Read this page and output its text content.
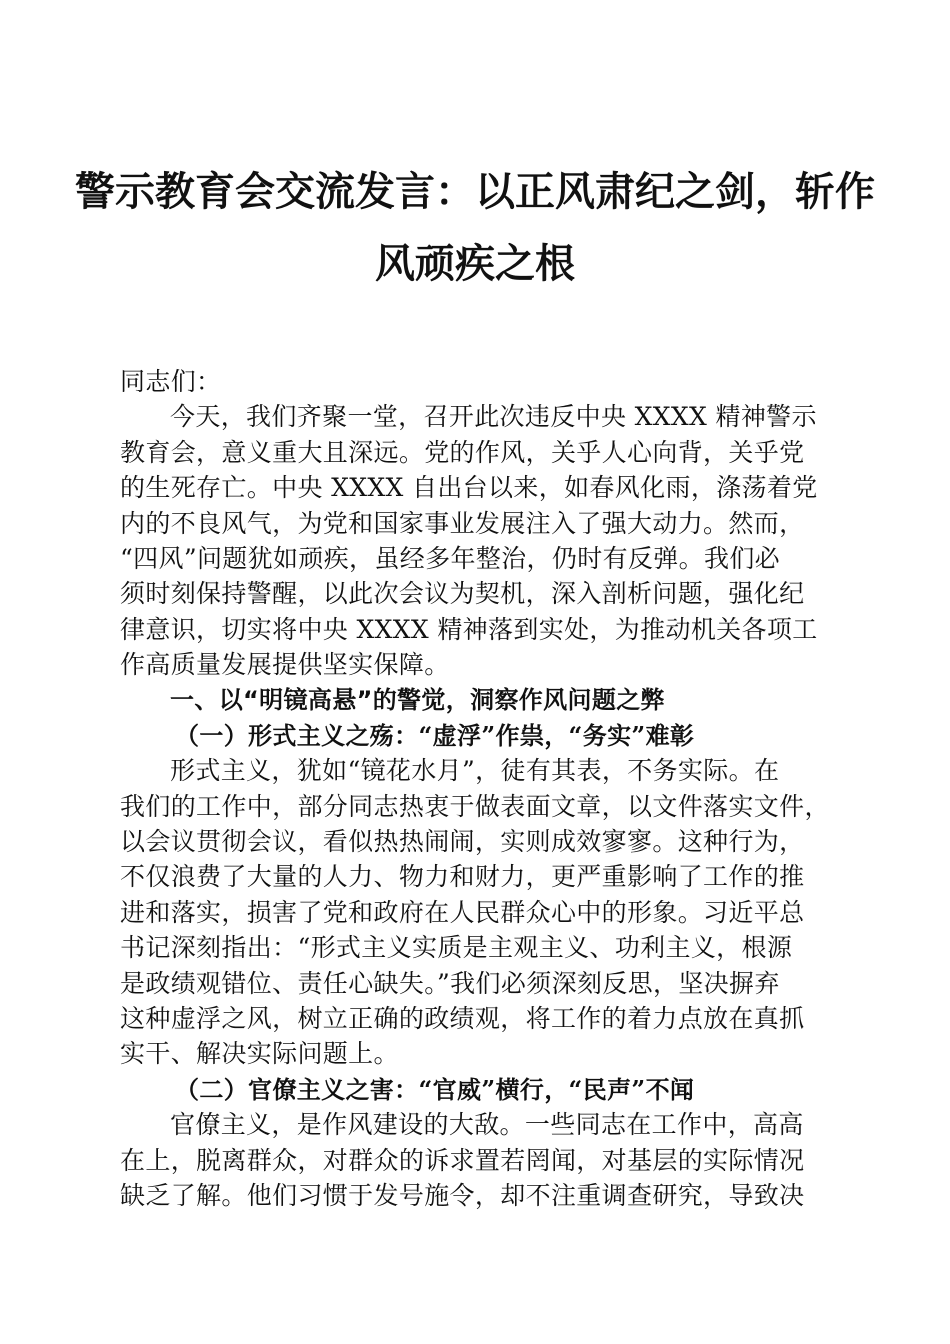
警示教育会交流发言：以正风肃纪之剑，斩作
风顽疾之根
同志们：
今天，我们齐聚一堂，召开此次违反中央 XXXX 精神警示
教育会，意义重大且深远。党的作风，关乎人心向背，关乎党
的生死存亡。中央 XXXX 自出台以来，如春风化雨，涤荡着党
内的不良风气，为党和国家事业发展注入了强大动力。然而，
“四风”问题犹如顽疾，虽经多年整治，仍时有反弹。我们必
须时刻保持警醒，以此次会议为契机，深入剖析问题，强化纪
律意识，切实将中央 XXXX 精神落到实处，为推动机关各项工
作高质量发展提供坚实保障。
一、以“明镜高悬”的警觉，洞察作风问题之弊
（一）形式主义之殇：“虚浮”作祟，“务实”难彰
形式主义，犹如“镜花水月”，徒有其表，不务实际。在
我们的工作中，部分同志热衷于做表面文章，以文件落实文件，
以会议贯彻会议，看似热热闹闹，实则成效寥寥。这种行为，
不仅浪费了大量的人力、物力和财力，更严重影响了工作的推
进和落实，损害了党和政府在人民群众心中的形象。习近平总
书记深刻指出：“形式主义实质是主观主义、功利主义，根源
是政绩观错位、责任心缺失。”我们必须深刻反思，坚决摒弃
这种虚浮之风，树立正确的政绩观，将工作的着力点放在真抓
实干、解决实际问题上。
（二）官僚主义之害：“官威”横行，“民声”不闻
官僚主义，是作风建设的大敌。一些同志在工作中，高高
在上，脱离群众，对群众的诉求置若罔闻，对基层的实际情况
缺乏了解。他们习惯于发号施令，却不注重调查研究，导致决
